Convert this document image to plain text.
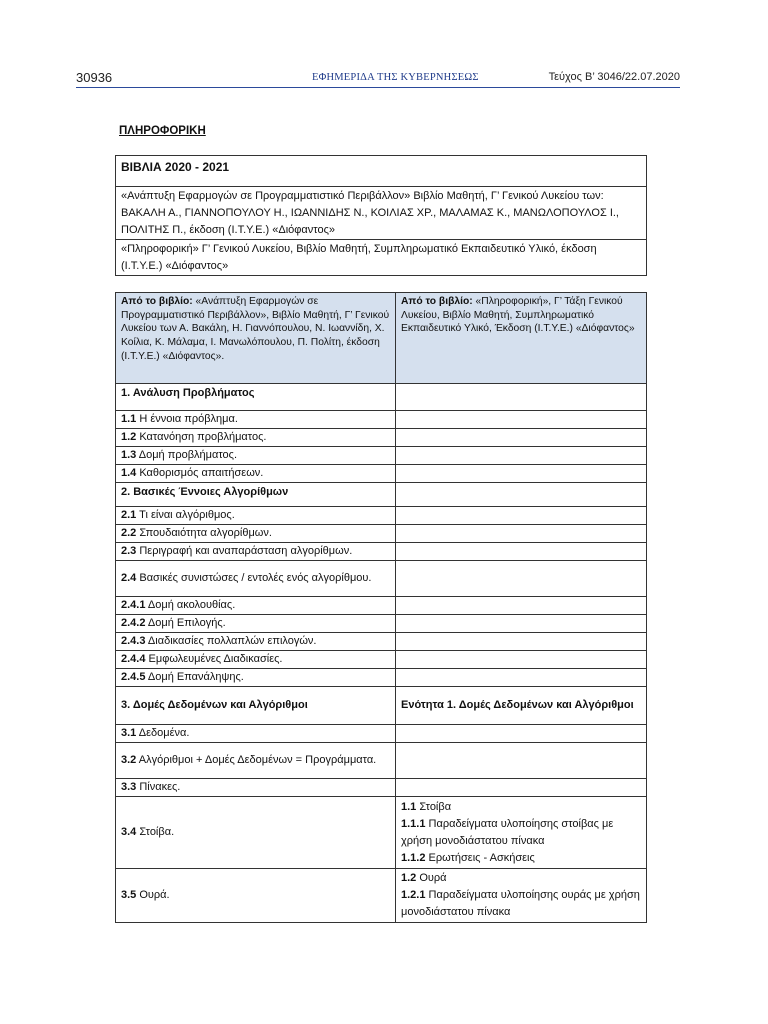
30936	ΕΦΗΜΕΡΙΔΑ ΤΗΣ ΚΥΒΕΡΝΗΣΕΩΣ	Τεύχος Β’ 3046/22.07.2020
ΠΛΗΡΟΦΟΡΙΚΗ
ΒΙΒΛΙΑ 2020 - 2021
«Ανάπτυξη Εφαρμογών σε Προγραμματιστικό Περιβάλλον» Βιβλίο Μαθητή, Γ’ Γενικού Λυκείου των: ΒΑΚΑΛΗ Α., ΓΙΑΝΝΟΠΟΥΛΟΥ Η., ΙΩΑΝΝΙΔΗΣ Ν., ΚΟΙΛΙΑΣ ΧΡ., ΜΑΛΑΜΑΣ Κ., ΜΑΝΩΛΟΠΟΥΛΟΣ Ι., ΠΟΛΙΤΗΣ Π., έκδοση (Ι.Τ.Υ.Ε.) «Διόφαντος»
«Πληροφορική» Γ’ Γενικού Λυκείου, Βιβλίο Μαθητή, Συμπληρωματικό Εκπαιδευτικό Υλικό, έκδοση (Ι.Τ.Υ.Ε.) «Διόφαντος»
Από το βιβλίο: «Ανάπτυξη Εφαρμογών σε Προγραμματιστικό Περιβάλλον», Βιβλίο Μαθητή, Γ’ Γενικού Λυκείου των Α. Βακάλη, Η. Γιαννόπουλου, Ν. Ιωαννίδη, Χ. Κοίλια, Κ. Μάλαμα, Ι. Μανωλόπουλου, Π. Πολίτη, έκδοση (Ι.Τ.Υ.Ε.) «Διόφαντος».	Από το βιβλίο: «Πληροφορική», Γ’ Τάξη Γενικού Λυκείου, Βιβλίο Μαθητή, Συμπληρωματικό Εκπαιδευτικό Υλικό, Έκδοση (Ι.Τ.Υ.Ε.) «Διόφαντος»
1. Ανάλυση Προβλήματος	
1.1 Η έννοια πρόβλημα.	
1.2 Κατανόηση προβλήματος.	
1.3 Δομή προβλήματος.	
1.4 Καθορισμός απαιτήσεων.	
2. Βασικές Έννοιες Αλγορίθμων	
2.1 Τι είναι αλγόριθμος.	
2.2 Σπουδαιότητα αλγορίθμων.	
2.3 Περιγραφή και αναπαράσταση αλγορίθμων.	
2.4 Βασικές συνιστώσες / εντολές ενός αλγορίθμου.	
2.4.1 Δομή ακολουθίας.	
2.4.2 Δομή Επιλογής.	
2.4.3 Διαδικασίες πολλαπλών επιλογών.	
2.4.4 Εμφωλευμένες Διαδικασίες.	
2.4.5 Δομή Επανάληψης.	
3. Δομές Δεδομένων και Αλγόριθμοι	Ενότητα 1. Δομές Δεδομένων και Αλγόριθμοι
3.1 Δεδομένα.	
3.2 Αλγόριθμοι + Δομές Δεδομένων = Προγράμματα.	
3.3 Πίνακες.	
3.4 Στοίβα.	1.1 Στοίβα
1.1.1 Παραδείγματα υλοποίησης στοίβας με χρήση μονοδιάστατου πίνακα
1.1.2 Ερωτήσεις - Ασκήσεις

3.5 Ουρά.	1.2 Ουρά
1.2.1 Παραδείγματα υλοποίησης ουράς με χρήση μονοδιάστατου πίνακα
